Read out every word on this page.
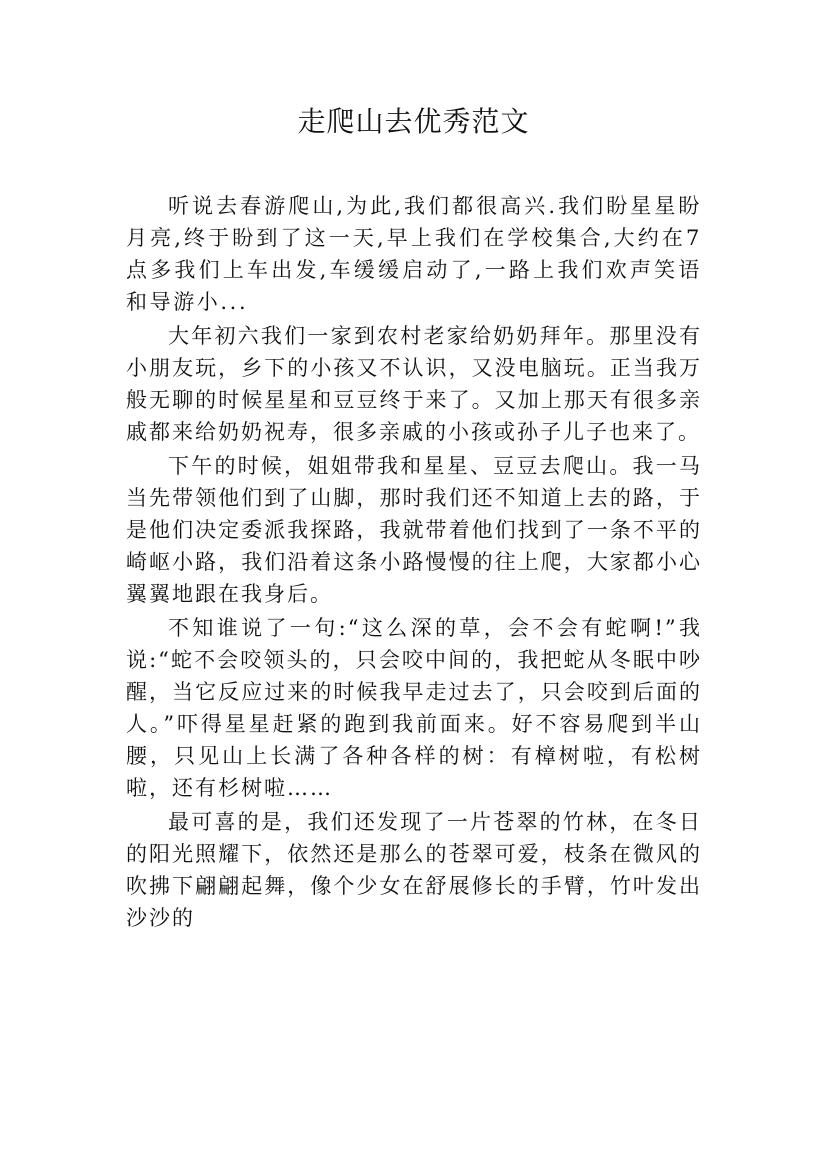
走爬山去优秀范文

听说去春游爬山,为此,我们都很高兴.我们盼星星盼月亮,终于盼到了这一天,早上我们在学校集合,大约在7点多我们上车出发,车缓缓启动了,一路上我们欢声笑语和导游小...

大年初六我们一家到农村老家给奶奶拜年。那里没有小朋友玩，乡下的小孩又不认识，又没电脑玩。正当我万般无聊的时候星星和豆豆终于来了。又加上那天有很多亲戚都来给奶奶祝寿，很多亲戚的小孩或孙子儿子也来了。

下午的时候，姐姐带我和星星、豆豆去爬山。我一马当先带领他们到了山脚，那时我们还不知道上去的路，于是他们决定委派我探路，我就带着他们找到了一条不平的崎岖小路，我们沿着这条小路慢慢的往上爬，大家都小心翼翼地跟在我身后。

不知谁说了一句:“这么深的草，会不会有蛇啊!”我说:“蛇不会咬领头的，只会咬中间的，我把蛇从冬眠中吵醒，当它反应过来的时候我早走过去了，只会咬到后面的人。”吓得星星赶紧的跑到我前面来。好不容易爬到半山腰，只见山上长满了各种各样的树：有樟树啦，有松树啦，还有杉树啦……

最可喜的是，我们还发现了一片苍翠的竹林，在冬日的阳光照耀下，依然还是那么的苍翠可爱，枝条在微风的吹拂下翩翩起舞，像个少女在舒展修长的手臂，竹叶发出沙沙的
